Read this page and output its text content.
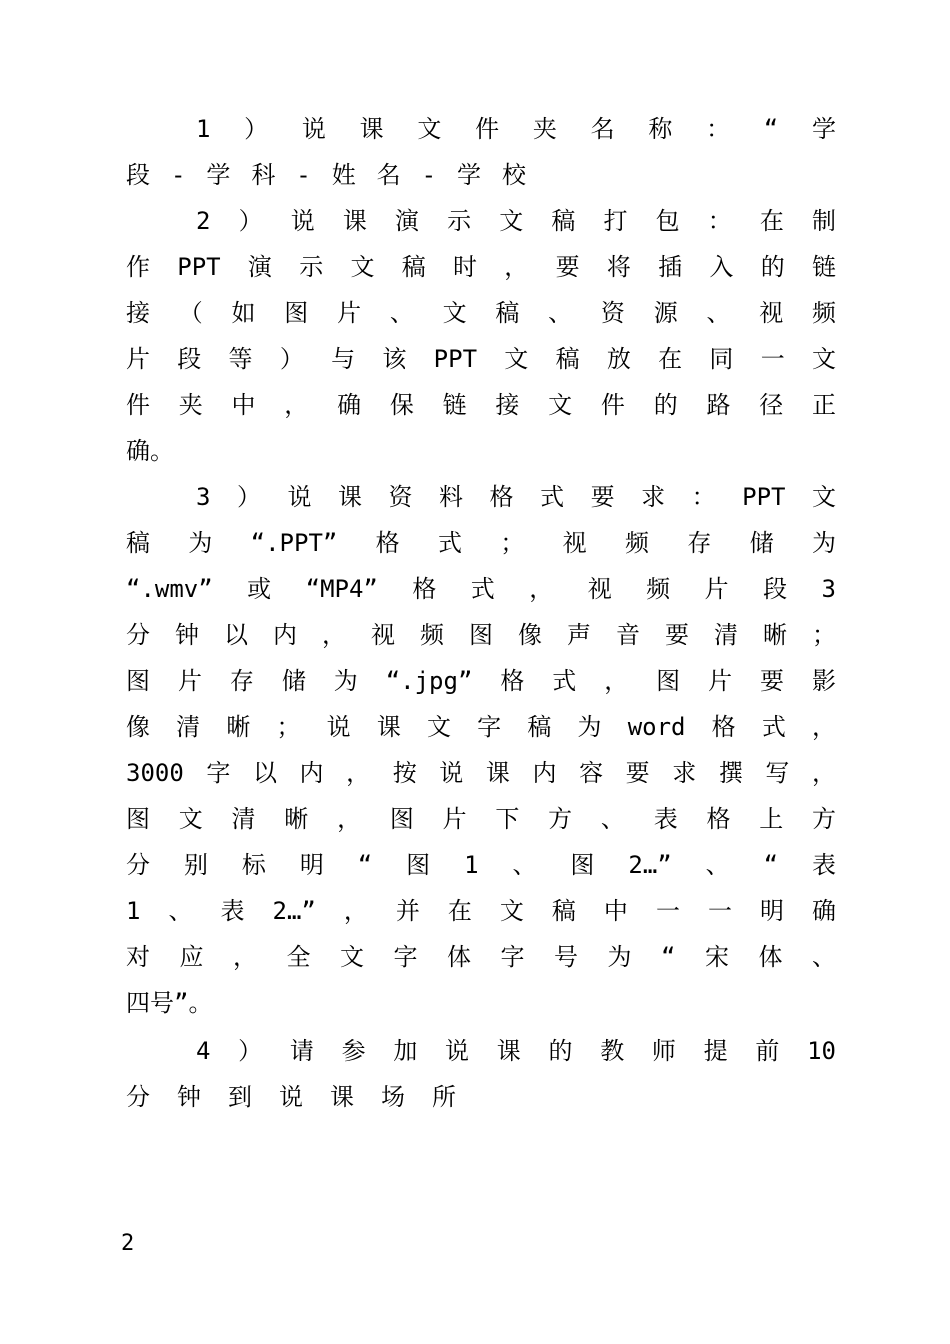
1）说课文件夹名称：“学
段-学科-姓名-学校
2）说课演示文稿打包：在制
作PPT演示文稿时，要将插入的链
接（如图片、文稿、资源、视频
片段等）与该PPT文稿放在同一文
件夹中，确保链接文件的路径正
确。
3）说课资料格式要求：PPT文
稿为“.PPT”格式；视频存储为
“.wmv”或“MP4”格式，视频片段3
分钟以内，视频图像声音要清晰；
图片存储为“.jpg”格式，图片要影
像清晰；说课文字稿为word格式，
3000字以内，按说课内容要求撰写，
图文清晰，图片下方、表格上方
分别标明“图1、图2…”、“表
1、表2…”，并在文稿中一一明确
对应，全文字体字号为“宋体、
四号”。
4）请参加说课的教师提前10
分钟到说课场所
2
